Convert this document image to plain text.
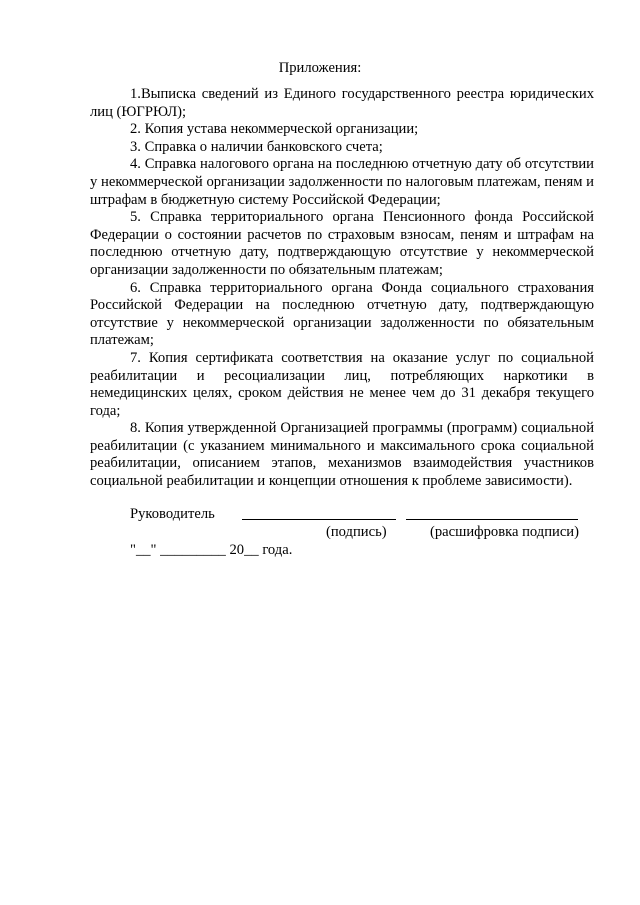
Приложения:

1.Выписка сведений из Единого государственного реестра юридических лиц (ЮГРЮЛ);

2. Копия устава некоммерческой организации;

3. Справка о наличии банковского счета;

4. Справка налогового органа на последнюю отчетную дату об отсутствии у некоммерческой организации задолженности по налоговым платежам, пеням и штрафам в бюджетную систему Российской Федерации;

5. Справка территориального органа Пенсионного фонда Российской Федерации о состоянии расчетов по страховым взносам, пеням и штрафам на последнюю отчетную дату, подтверждающую отсутствие у некоммерческой организации задолженности по обязательным платежам;

6. Справка территориального органа Фонда социального страхования Российской Федерации на последнюю отчетную дату, подтверждающую отсутствие у некоммерческой организации задолженности по обязательным платежам;

7. Копия сертификата соответствия на оказание услуг по социальной реабилитации и ресоциализации лиц, потребляющих наркотики в немедицинских целях, сроком действия не менее чем до 31 декабря текущего года;

8. Копия утвержденной Организацией программы (программ) социальной реабилитации (с указанием минимального и максимального срока социальной реабилитации, описанием этапов, механизмов взаимодействия участников социальной реабилитации и концепции отношения к проблеме зависимости).

Руководитель
(подпись)	(расшифровка подписи)
"__" _________ 20__ года.
